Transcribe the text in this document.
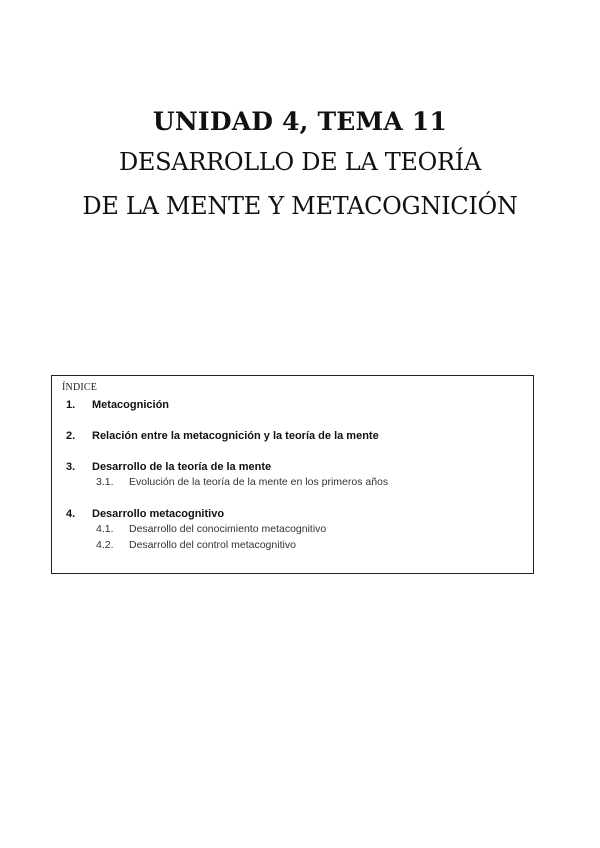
UNIDAD 4, TEMA 11
DESARROLLO DE LA TEORÍA
DE LA MENTE Y METACOGNICIÓN
ÍNDICE
1. Metacognición
2. Relación entre la metacognición y la teoría de la mente
3. Desarrollo de la teoría de la mente
3.1. Evolución de la teoría de la mente en los primeros años
4. Desarrollo metacognitivo
4.1. Desarrollo del conocimiento metacognitivo
4.2. Desarrollo del control metacognitivo
